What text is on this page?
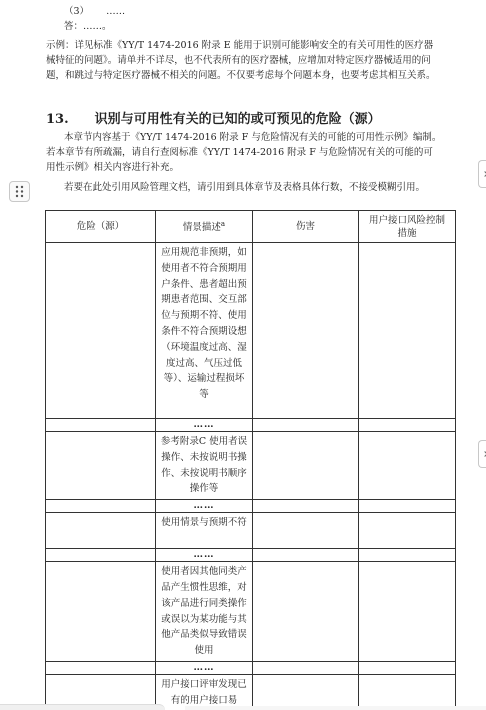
（3） ……
答：……。
示例：详见标准《YY/T 1474-2016 附录 E 能用于识别可能影响安全的有关可用性的医疗器
械特征的问题》。请单并不详尽，也不代表所有的医疗器械，应增加对特定医疗器械适用的问
题，和跳过与特定医疗器械不相关的问题。不仅要考虑每个问题本身，也要考虑其相互关系。
13. 识别与可用性有关的已知的或可预见的危险（源）
本章节内容基于《YY/T 1474-2016 附录 F 与危险情况有关的可能的可用性示例》编制。
若本章节有所疏漏，请自行查阅标准《YY/T 1474-2016 附录 F 与危险情况有关的可能的可
用性示例》相关内容进行补充。
若要在此处引用风险管理文档，请引用到具体章节及表格具体行数，不接受模糊引用。
危险（源）	情景描述$^a$	伤害	用户接口风险控制
措施
	应用规范非预期，如使用者不符合预期用户条件、患者超出预期患者范围、交互部位与预期不符、使用条件不符合预期设想（环境温度过高、湿度过高、气压过低等）、运输过程损坏等		
	……		
	参考附录C 使用者误操作、未按说明书操作、未按说明书顺序操作等		
	……		
	使用情景与预期不符		
	……		
	使用者因其他同类产品产生惯性思维，对该产品进行同类操作或误以为某功能与其他产品类似导致错误使用		
	……		
	用户接口评审发现已有的用户接口易		
